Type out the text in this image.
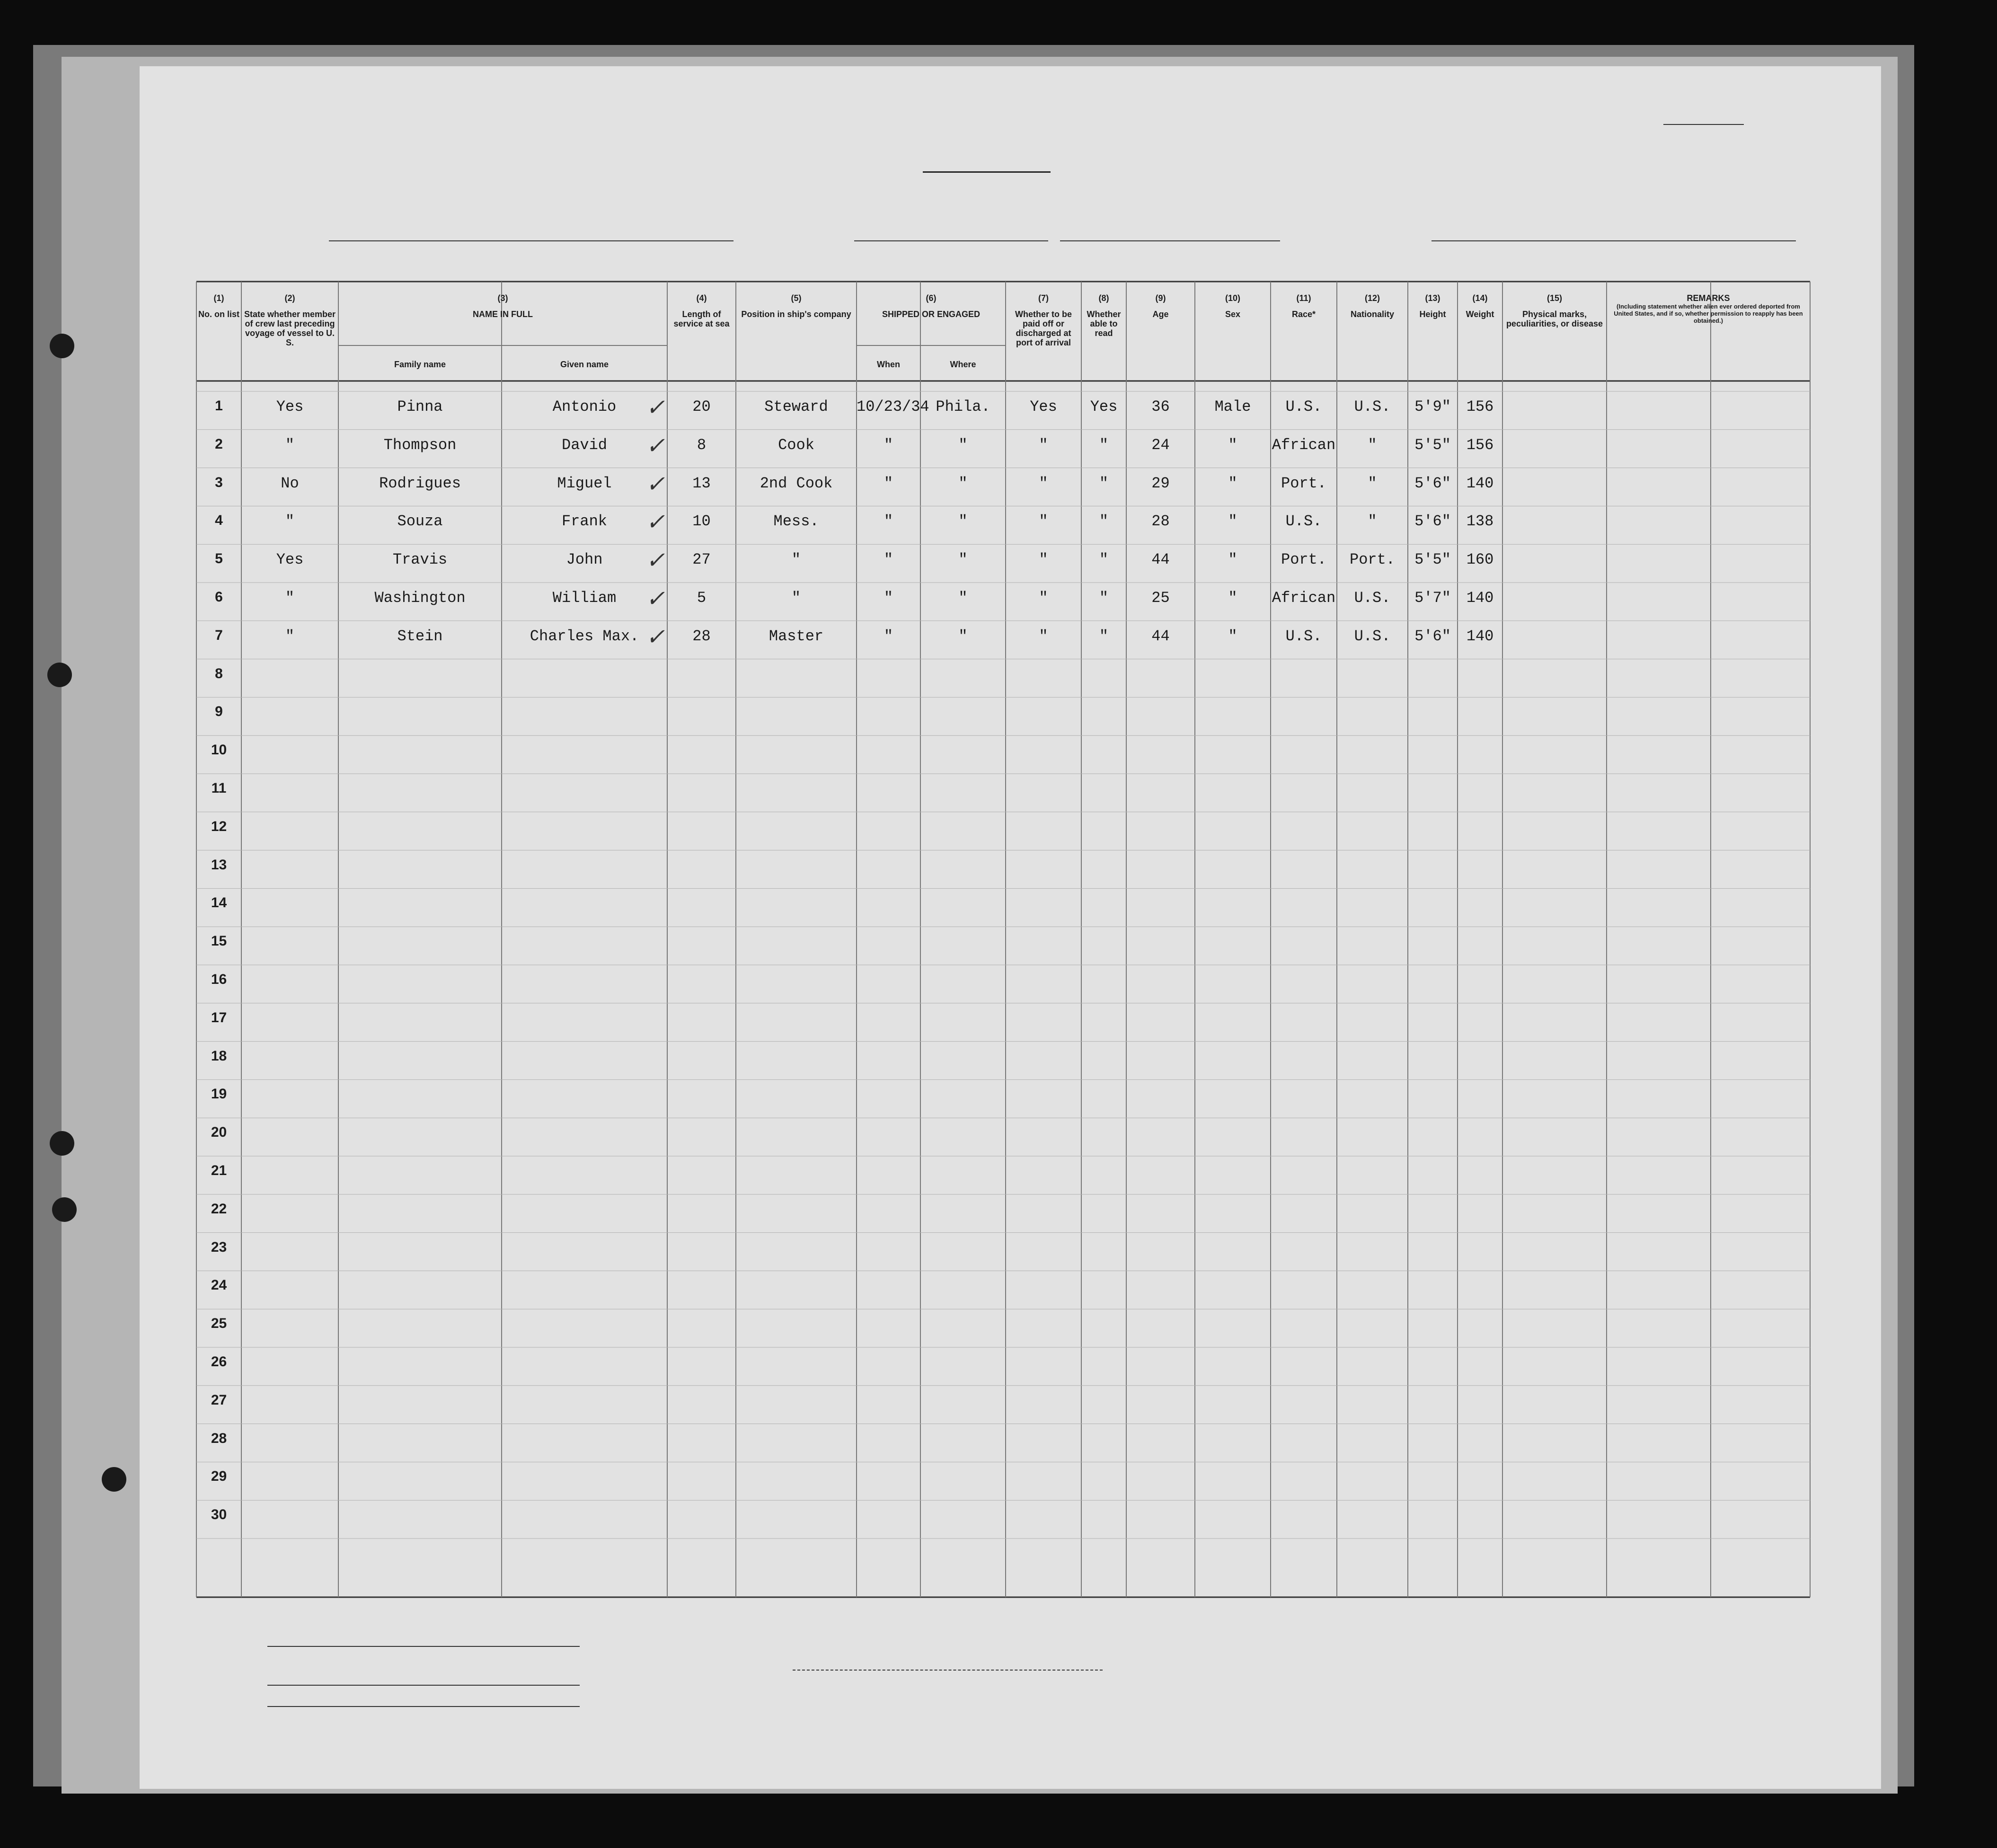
(1)
No. on list
(2)
State whether member of crew last preceding voyage of vessel to U. S.
(3)
NAME IN FULL
(4)
Length of service at sea
(5)
Position in ship's company
(6)
SHIPPED OR ENGAGED
(7)
Whether to be paid off or discharged at port of arrival
(8)
Whether able to read
(9)
Age
(10)
Sex
(11)
Race*
(12)
Nationality
(13)
Height
(14)
Weight
(15)
Physical marks, peculiarities, or disease
REMARKS
(Including statement whether alien ever ordered deported from United States, and if so, whether permission to reapply has been obtained.)
Family name	Given name	When	Where
1	Yes	Pinna	Antonio	20	Steward	10/23/34 Phila.	Yes	Yes	36	Male	U.S.	U.S.	5'9"	156
✓
2	"	Thompson	David	8	Cook	"	"	"	"	24	"	African	"	5'5"	156
✓
3	No	Rodrigues	Miguel	13	2nd Cook	"	"	"	"	29	"	Port.	"	5'6"	140
✓
4	"	Souza	Frank	10	Mess.	"	"	"	"	28	"	U.S.	"	5'6"	138
✓
5	Yes	Travis	John	27	"	"	"	"	"	44	"	Port.	Port.	5'5"	160
✓
6	"	Washington	William	5	"	"	"	"	"	25	"	African	U.S.	5'7"	140
✓
7	"	Stein	Charles Max.	28	Master	"	"	"	"	44	"	U.S.	U.S.	5'6"	140
✓
8
9
10
11
12
13
14
15
16
17
18
19
20
21
22
23
24
25
26
27
28
29
30
